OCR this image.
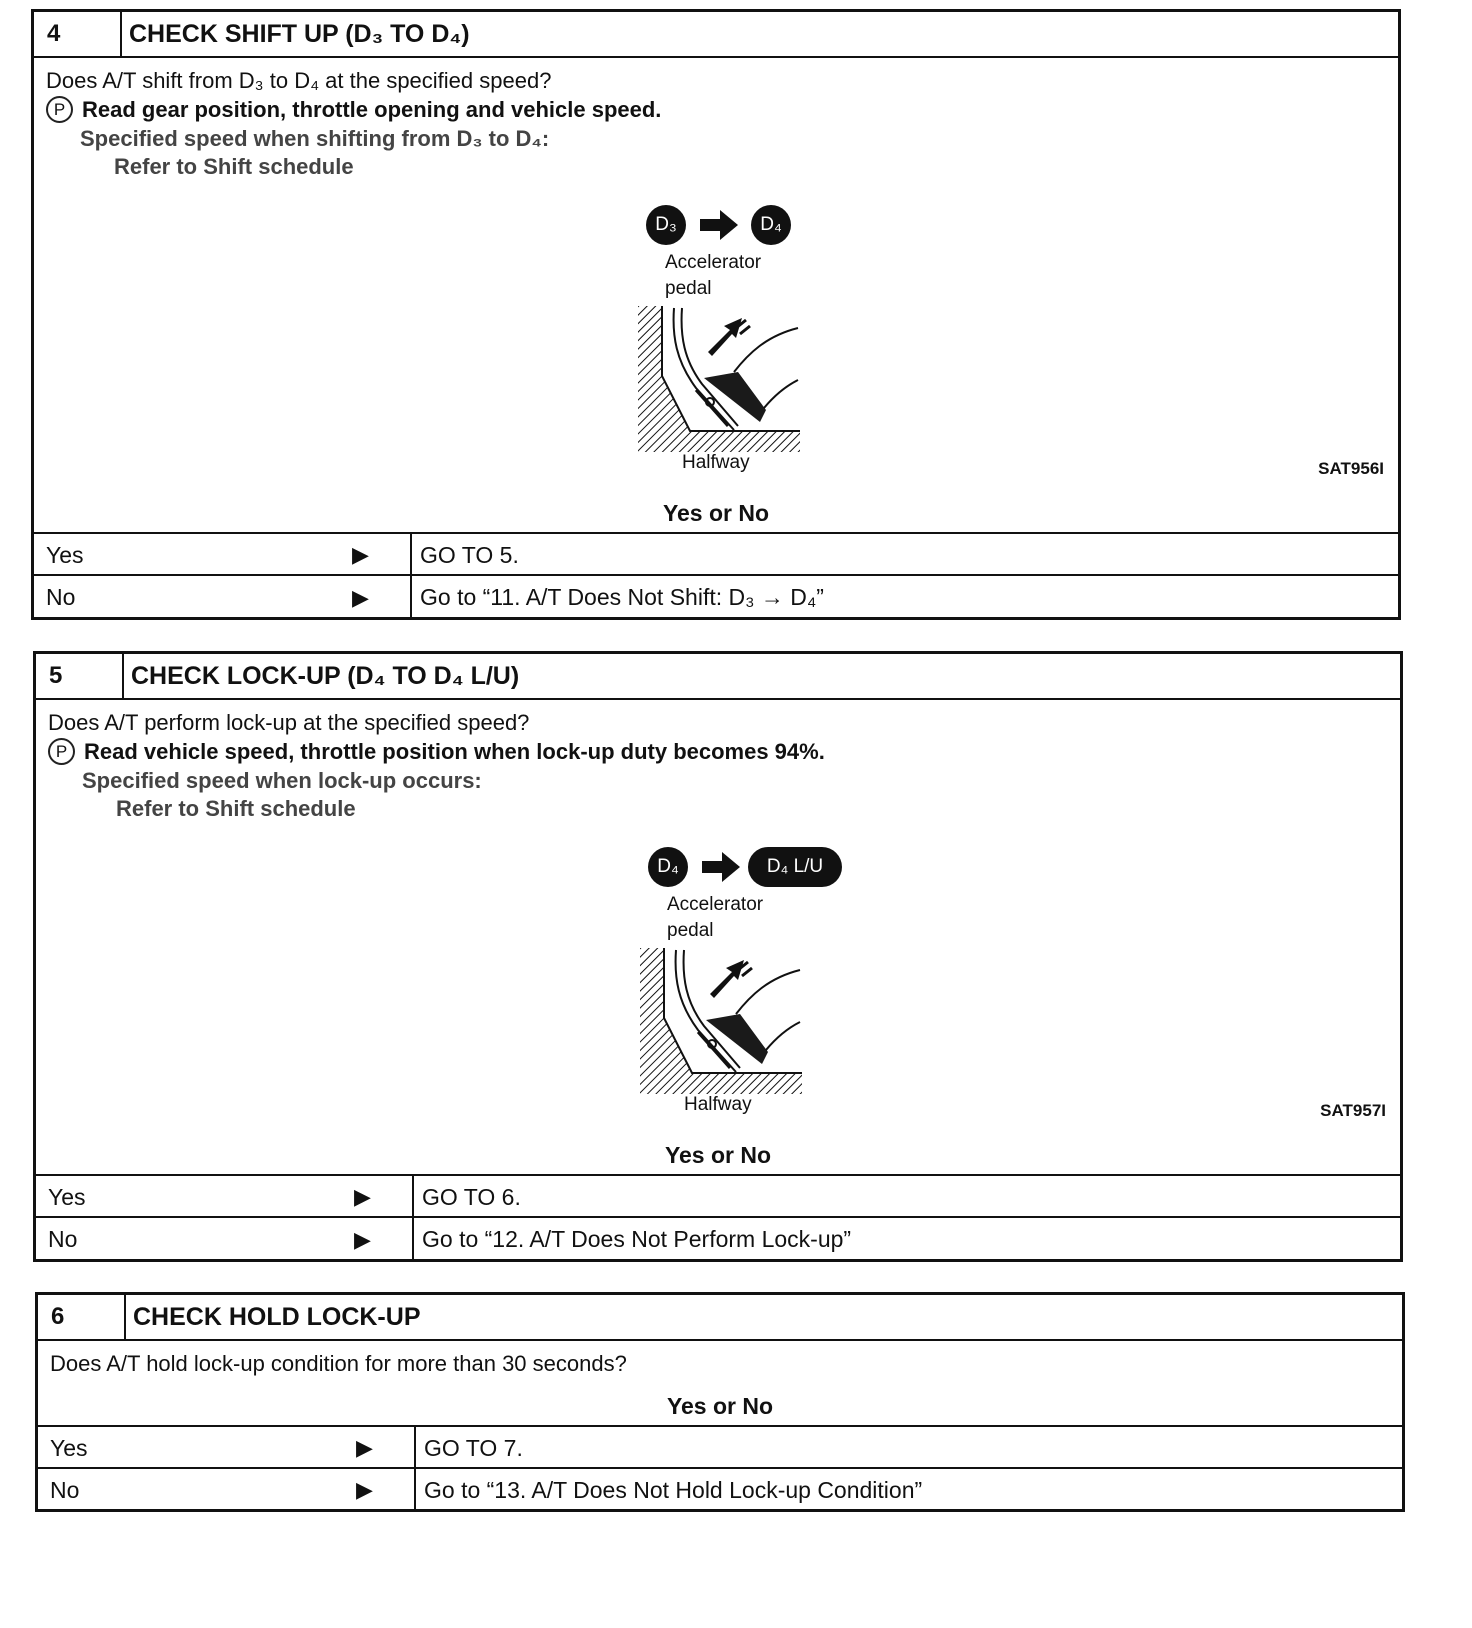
4	CHECK SHIFT UP (D₃ TO D₄)
Does A/T shift from D₃ to D₄ at the specified speed?
P Read gear position, throttle opening and vehicle speed.
Specified speed when shifting from D₃ to D₄:
Refer to Shift schedule
D₃	D₄
Accelerator
pedal
Halfway	SAT956I
Yes or No
Yes	▶	GO TO 5.
No	▶	Go to “11. A/T Does Not Shift: D₃ → D₄”
5	CHECK LOCK-UP (D₄ TO D₄ L/U)
Does A/T perform lock-up at the specified speed?
P Read vehicle speed, throttle position when lock-up duty becomes 94%.
Specified speed when lock-up occurs:
Refer to Shift schedule
D₄	D₄ L/U
Accelerator
pedal
Halfway	SAT957I
Yes or No
Yes	▶	GO TO 6.
No	▶	Go to “12. A/T Does Not Perform Lock-up”
6	CHECK HOLD LOCK-UP
Does A/T hold lock-up condition for more than 30 seconds?
Yes or No
Yes	▶	GO TO 7.
No	▶	Go to “13. A/T Does Not Hold Lock-up Condition”
